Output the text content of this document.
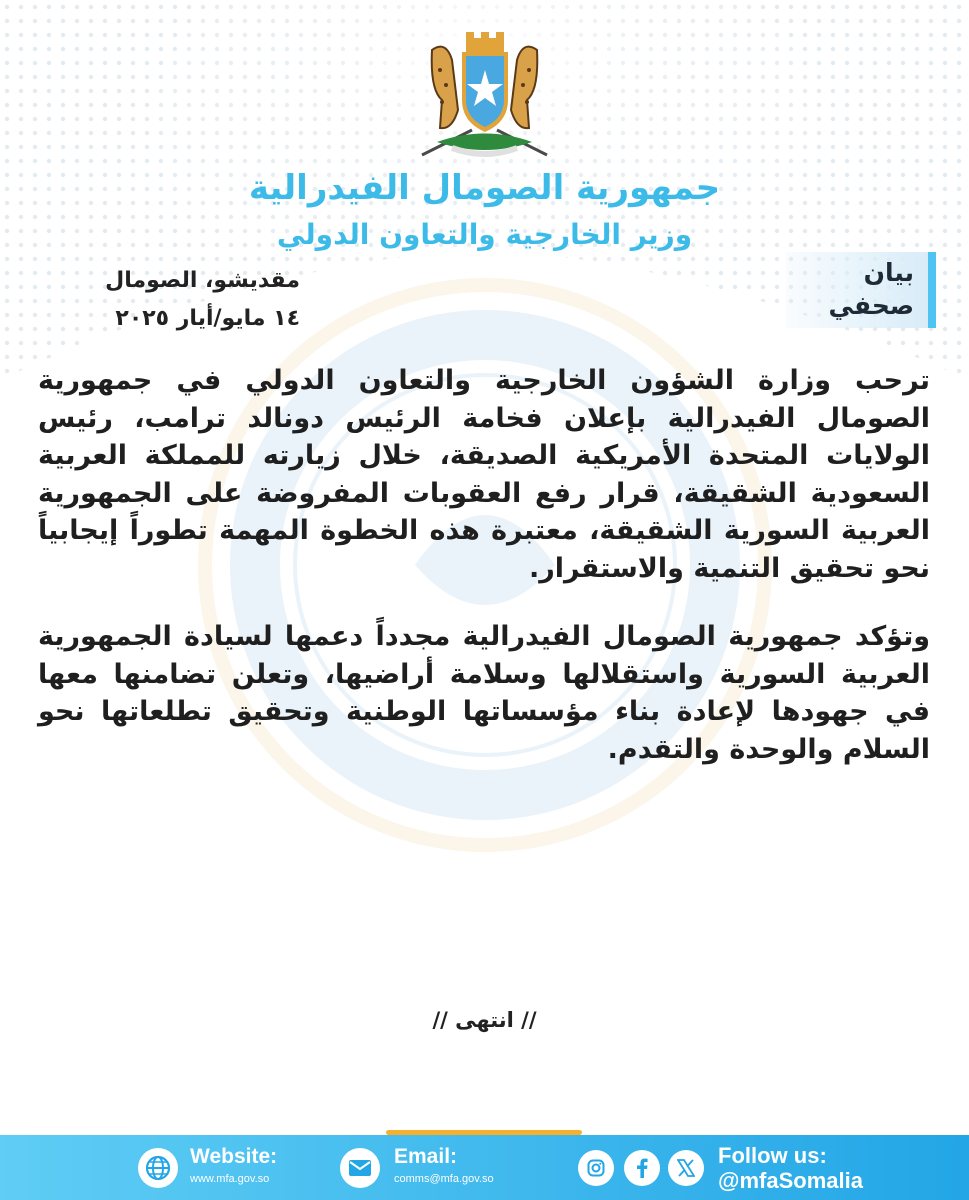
جمهورية الصومال الفيدرالية
وزير الخارجية والتعاون الدولي
بيان
صحفي
مقديشو، الصومال
١٤ مايو/أيار ٢٠٢٥
ترحب وزارة الشؤون الخارجية والتعاون الدولي في جمهورية الصومال الفيدرالية بإعلان فخامة الرئيس دونالد ترامب، رئيس الولايات المتحدة الأمريكية الصديقة، خلال زيارته للمملكة العربية السعودية الشقيقة، قرار رفع العقوبات المفروضة على الجمهورية العربية السورية الشقيقة، معتبرة هذه الخطوة المهمة تطوراً إيجابياً نحو تحقيق التنمية والاستقرار.
وتؤكد جمهورية الصومال الفيدرالية مجدداً دعمها لسيادة الجمهورية العربية السورية واستقلالها وسلامة أراضيها، وتعلن تضامنها معها في جهودها لإعادة بناء مؤسساتها الوطنية وتحقيق تطلعاتها نحو السلام والوحدة والتقدم.
// انتهى //
Website:
www.mfa.gov.so
Email:
comms@mfa.gov.so
Follow us:
@mfaSomalia
